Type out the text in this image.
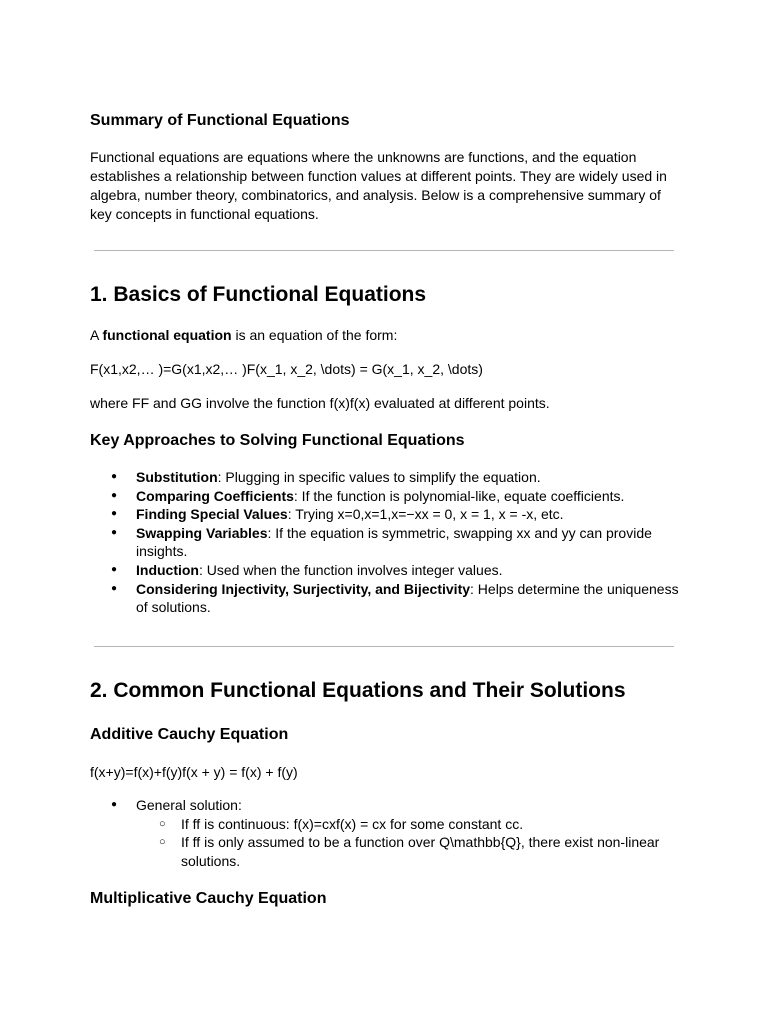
Summary of Functional Equations
Functional equations are equations where the unknowns are functions, and the equation establishes a relationship between function values at different points. They are widely used in algebra, number theory, combinatorics, and analysis. Below is a comprehensive summary of key concepts in functional equations.
1. Basics of Functional Equations
A functional equation is an equation of the form:
F(x1,x2,… )=G(x1,x2,… )F(x_1, x_2, \dots) = G(x_1, x_2, \dots)
where FF and GG involve the function f(x)f(x) evaluated at different points.
Key Approaches to Solving Functional Equations
● Substitution: Plugging in specific values to simplify the equation.
● Comparing Coefficients: If the function is polynomial-like, equate coefficients.
● Finding Special Values: Trying x=0,x=1,x=−xx = 0, x = 1, x = -x, etc.
● Swapping Variables: If the equation is symmetric, swapping xx and yy can provide insights.
● Induction: Used when the function involves integer values.
● Considering Injectivity, Surjectivity, and Bijectivity: Helps determine the uniqueness of solutions.
2. Common Functional Equations and Their Solutions
Additive Cauchy Equation
f(x+y)=f(x)+f(y)f(x + y) = f(x) + f(y)
● General solution:
○ If ff is continuous: f(x)=cxf(x) = cx for some constant cc.
○ If ff is only assumed to be a function over Q\mathbb{Q}, there exist non-linear solutions.
Multiplicative Cauchy Equation
